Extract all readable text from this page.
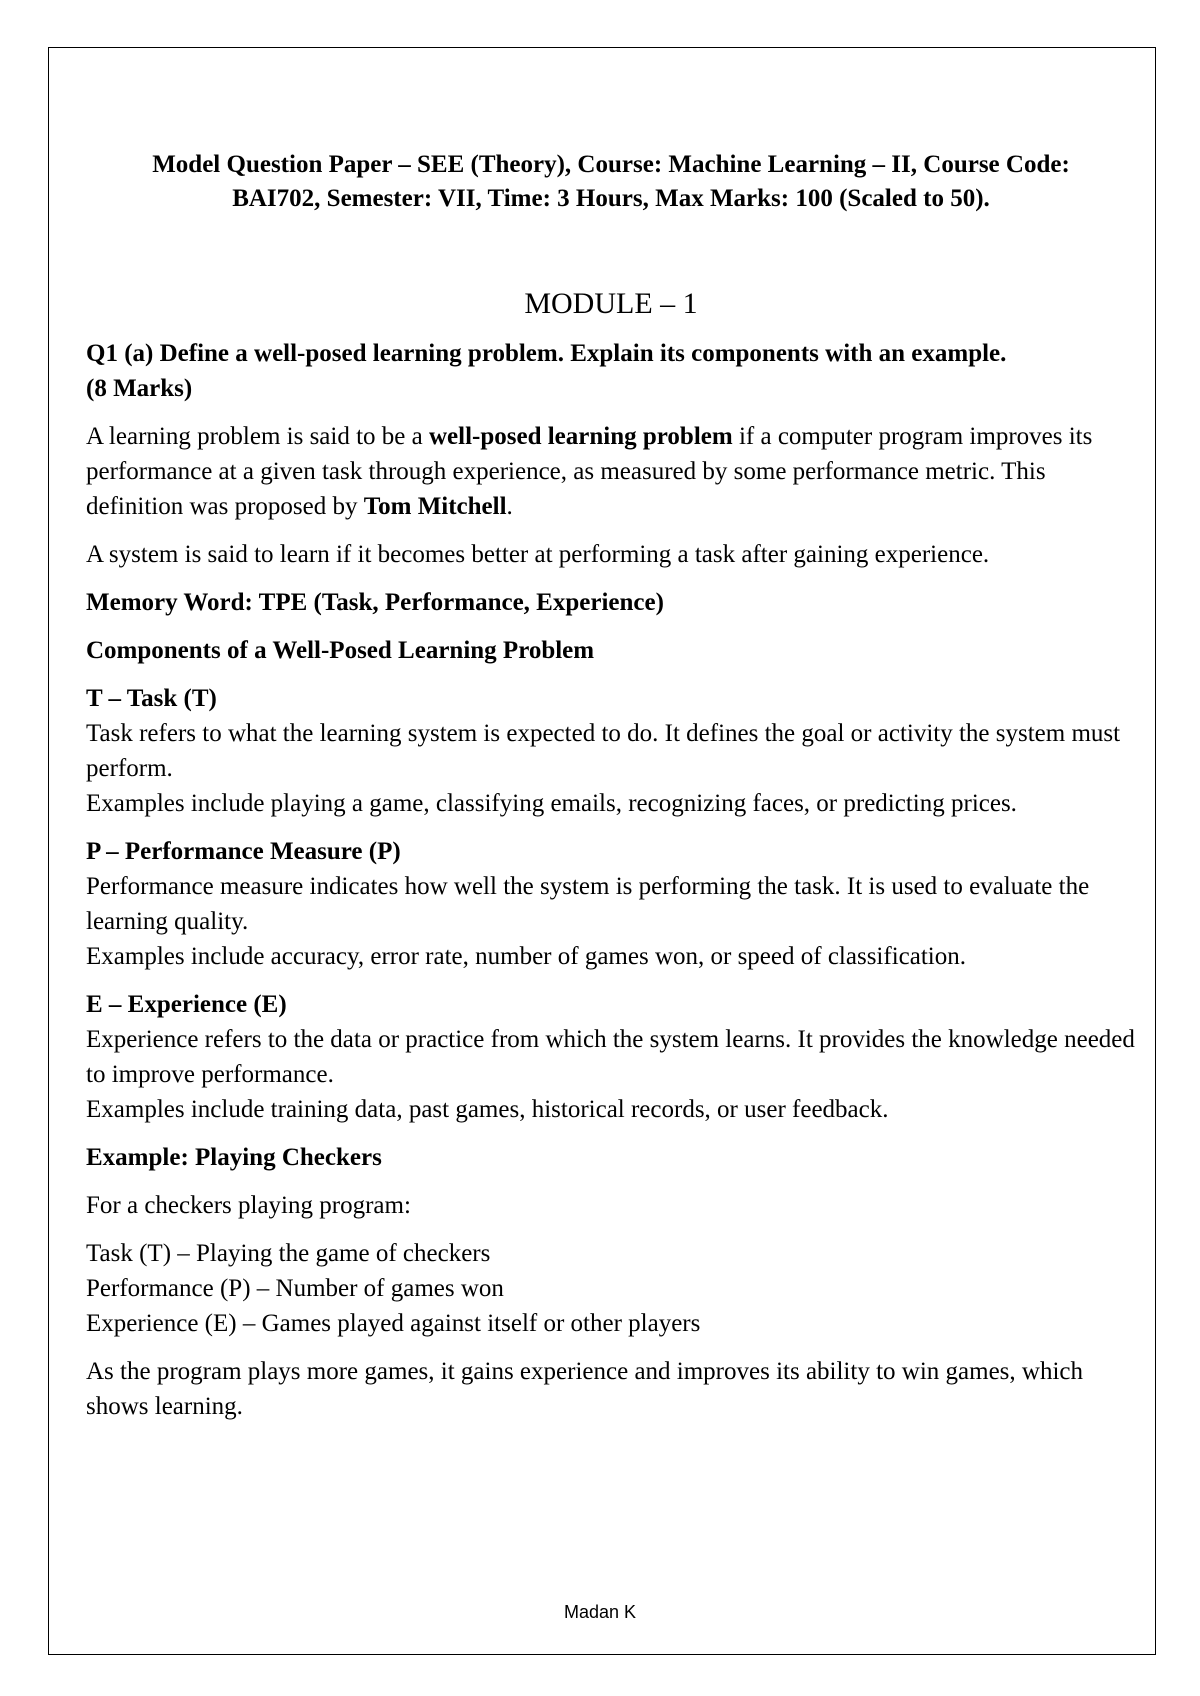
Model Question Paper – SEE (Theory), Course: Machine Learning – II, Course Code:
BAI702, Semester: VII, Time: 3 Hours, Max Marks: 100 (Scaled to 50).
MODULE – 1
Q1 (a) Define a well-posed learning problem. Explain its components with an example.
(8 Marks)

A learning problem is said to be a well-posed learning problem if a computer program improves its performance at a given task through experience, as measured by some performance metric. This definition was proposed by Tom Mitchell.

A system is said to learn if it becomes better at performing a task after gaining experience.

Memory Word: TPE (Task, Performance, Experience)

Components of a Well-Posed Learning Problem

T – Task (T)
Task refers to what the learning system is expected to do. It defines the goal or activity the system must perform.
Examples include playing a game, classifying emails, recognizing faces, or predicting prices.
P – Performance Measure (P)
Performance measure indicates how well the system is performing the task. It is used to evaluate the learning quality.
Examples include accuracy, error rate, number of games won, or speed of classification.
E – Experience (E)
Experience refers to the data or practice from which the system learns. It provides the knowledge needed to improve performance.
Examples include training data, past games, historical records, or user feedback.

Example: Playing Checkers

For a checkers playing program:

Task (T) – Playing the game of checkers
Performance (P) – Number of games won
Experience (E) – Games played against itself or other players

As the program plays more games, it gains experience and improves its ability to win games, which shows learning.

Madan K
